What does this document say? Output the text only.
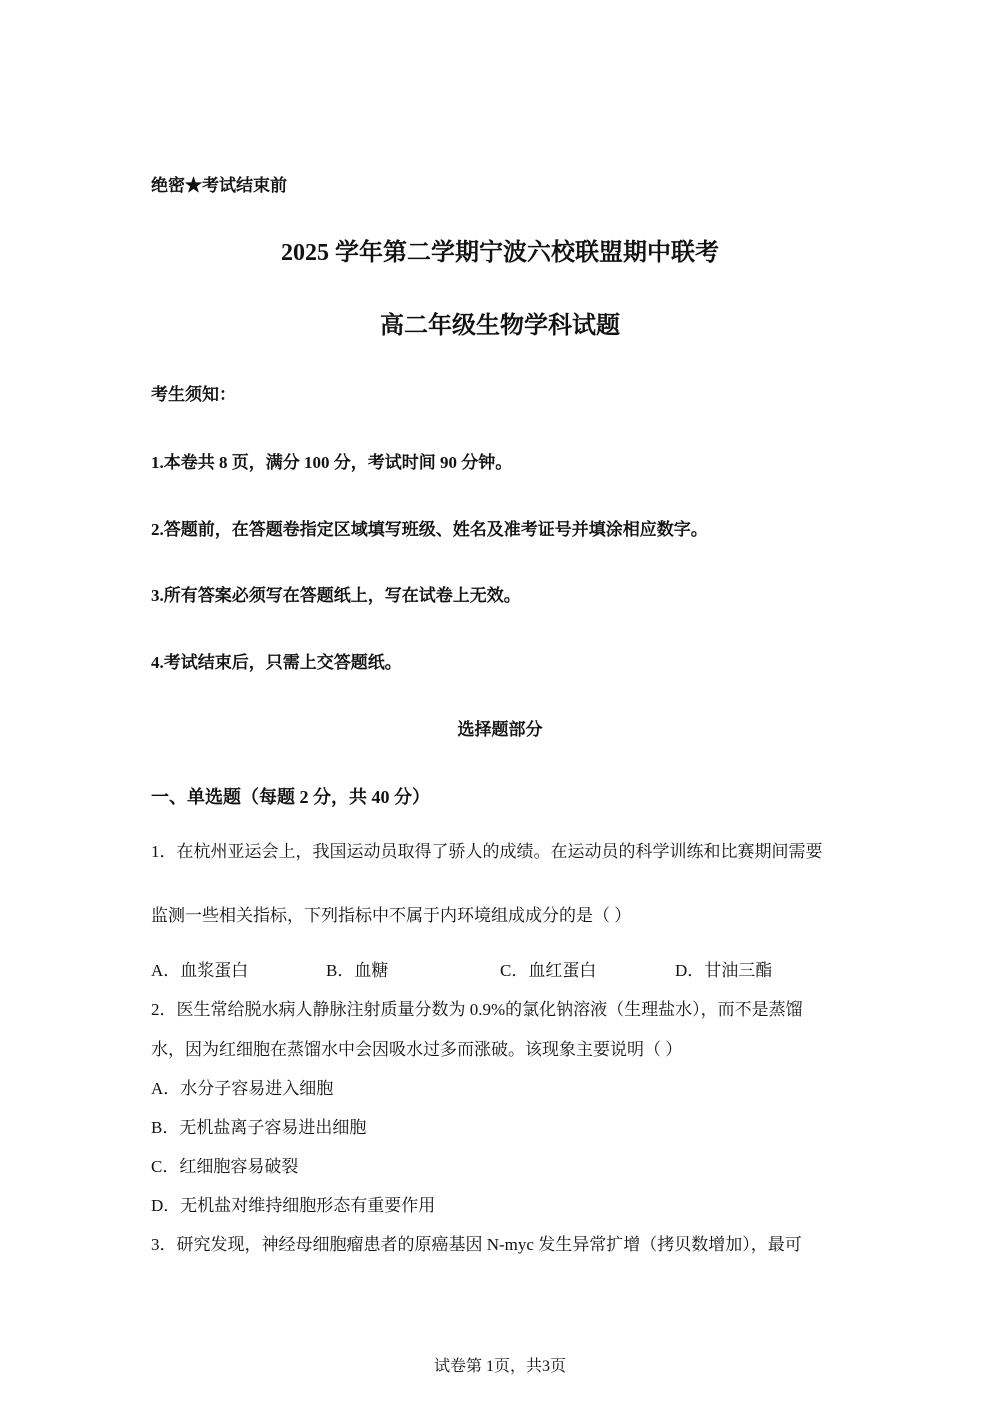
绝密★考试结束前
2025 学年第二学期宁波六校联盟期中联考
高二年级生物学科试题
考生须知：
1.本卷共 8 页，满分 100 分，考试时间 90 分钟。
2.答题前，在答题卷指定区域填写班级、姓名及准考证号并填涂相应数字。
3.所有答案必须写在答题纸上，写在试卷上无效。
4.考试结束后，只需上交答题纸。
选择题部分
一、单选题（每题 2 分，共 40 分）
1．在杭州亚运会上，我国运动员取得了骄人的成绩。在运动员的科学训练和比赛期间需要
监测一些相关指标，下列指标中不属于内环境组成成分的是（ ）
A．血浆蛋白	B．血糖	C．血红蛋白	D．甘油三酯
2．医生常给脱水病人静脉注射质量分数为 0.9%的氯化钠溶液（生理盐水），而不是蒸馏
水，因为红细胞在蒸馏水中会因吸水过多而涨破。该现象主要说明（ ）
A．水分子容易进入细胞
B．无机盐离子容易进出细胞
C．红细胞容易破裂
D．无机盐对维持细胞形态有重要作用
3．研究发现，神经母细胞瘤患者的原癌基因 N-myc 发生异常扩增（拷贝数增加），最可
试卷第 1页，共3页
